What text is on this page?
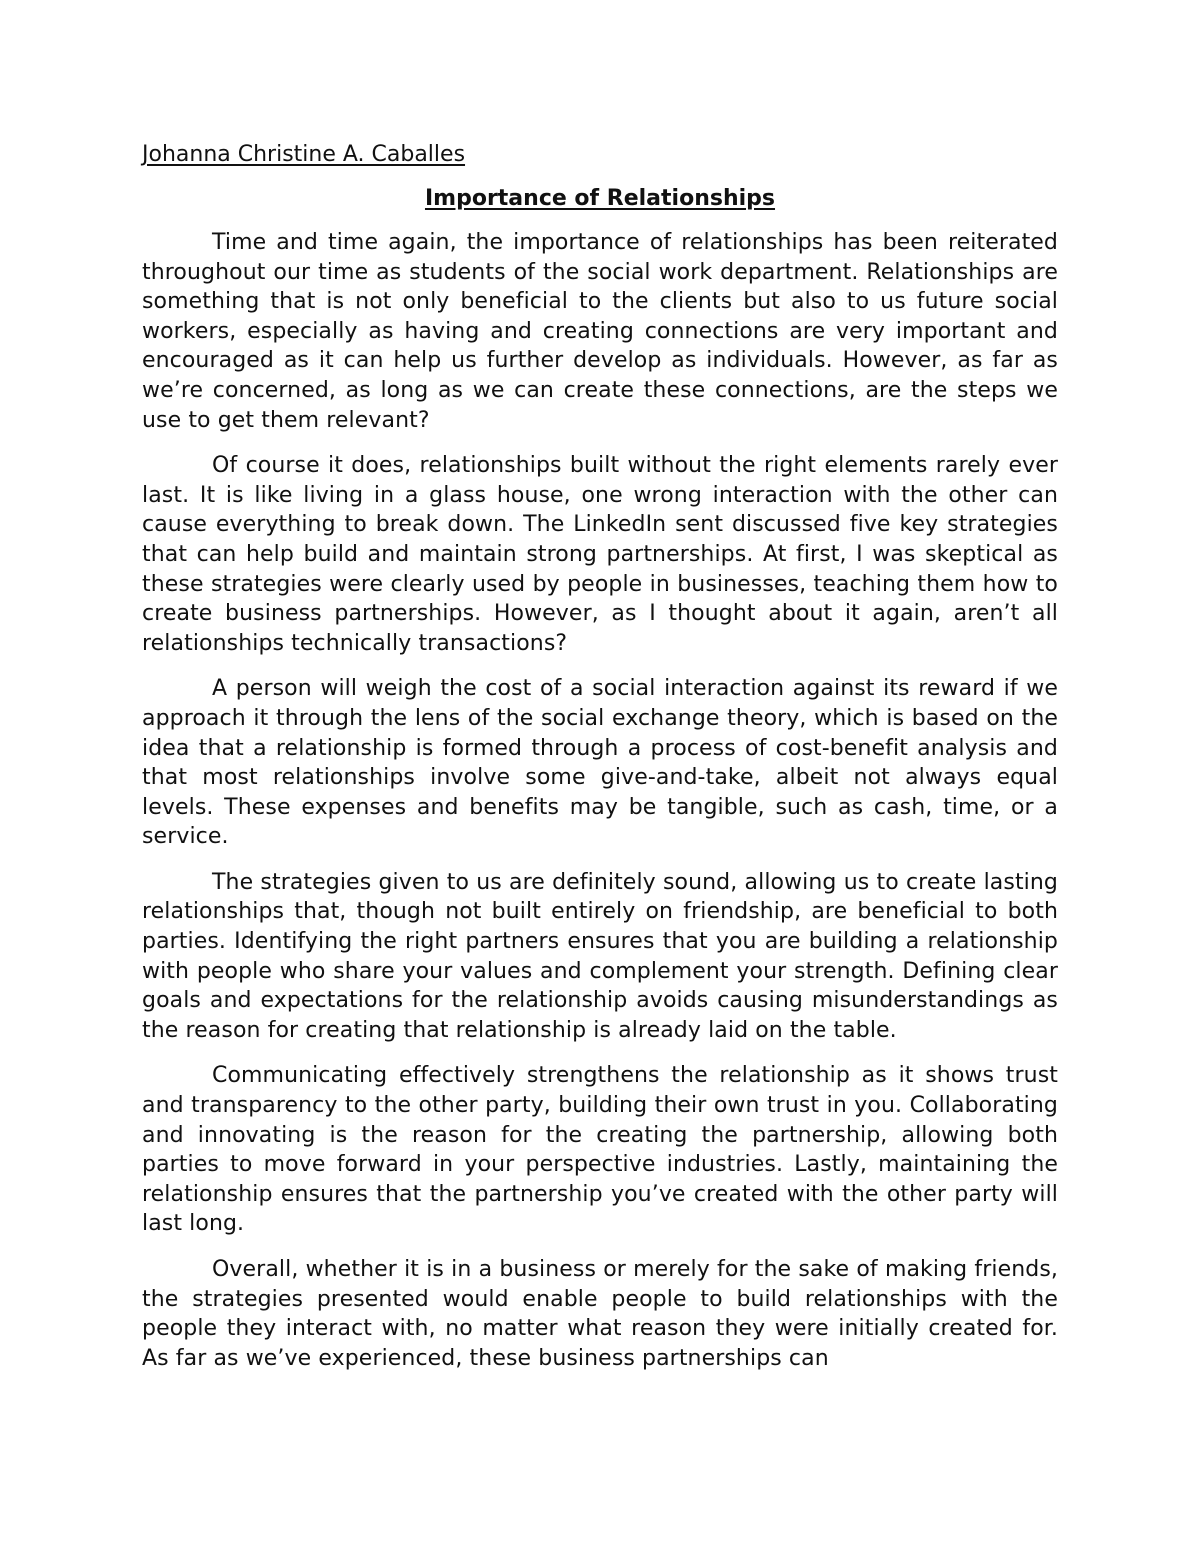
Johanna Christine A. Caballes
Importance of Relationships

Time and time again, the importance of relationships has been reiterated throughout our time as students of the social work department. Relationships are something that is not only beneficial to the clients but also to us future social workers, especially as having and creating connections are very important and encouraged as it can help us further develop as individuals. However, as far as we’re concerned, as long as we can create these connections, are the steps we use to get them relevant?

Of course it does, relationships built without the right elements rarely ever last. It is like living in a glass house, one wrong interaction with the other can cause everything to break down. The LinkedIn sent discussed five key strategies that can help build and maintain strong partnerships. At first, I was skeptical as these strategies were clearly used by people in businesses, teaching them how to create business partnerships. However, as I thought about it again, aren’t all relationships technically transactions?

A person will weigh the cost of a social interaction against its reward if we approach it through the lens of the social exchange theory, which is based on the idea that a relationship is formed through a process of cost-benefit analysis and that most relationships involve some give-and-take, albeit not always equal levels. These expenses and benefits may be tangible, such as cash, time, or a service.

The strategies given to us are definitely sound, allowing us to create lasting relationships that, though not built entirely on friendship, are beneficial to both parties. Identifying the right partners ensures that you are building a relationship with people who share your values and complement your strength. Defining clear goals and expectations for the relationship avoids causing misunderstandings as the reason for creating that relationship is already laid on the table.

Communicating effectively strengthens the relationship as it shows trust and transparency to the other party, building their own trust in you. Collaborating and innovating is the reason for the creating the partnership, allowing both parties to move forward in your perspective industries. Lastly, maintaining the relationship ensures that the partnership you’ve created with the other party will last long.

Overall, whether it is in a business or merely for the sake of making friends, the strategies presented would enable people to build relationships with the people they interact with, no matter what reason they were initially created for. As far as we’ve experienced, these business partnerships can
